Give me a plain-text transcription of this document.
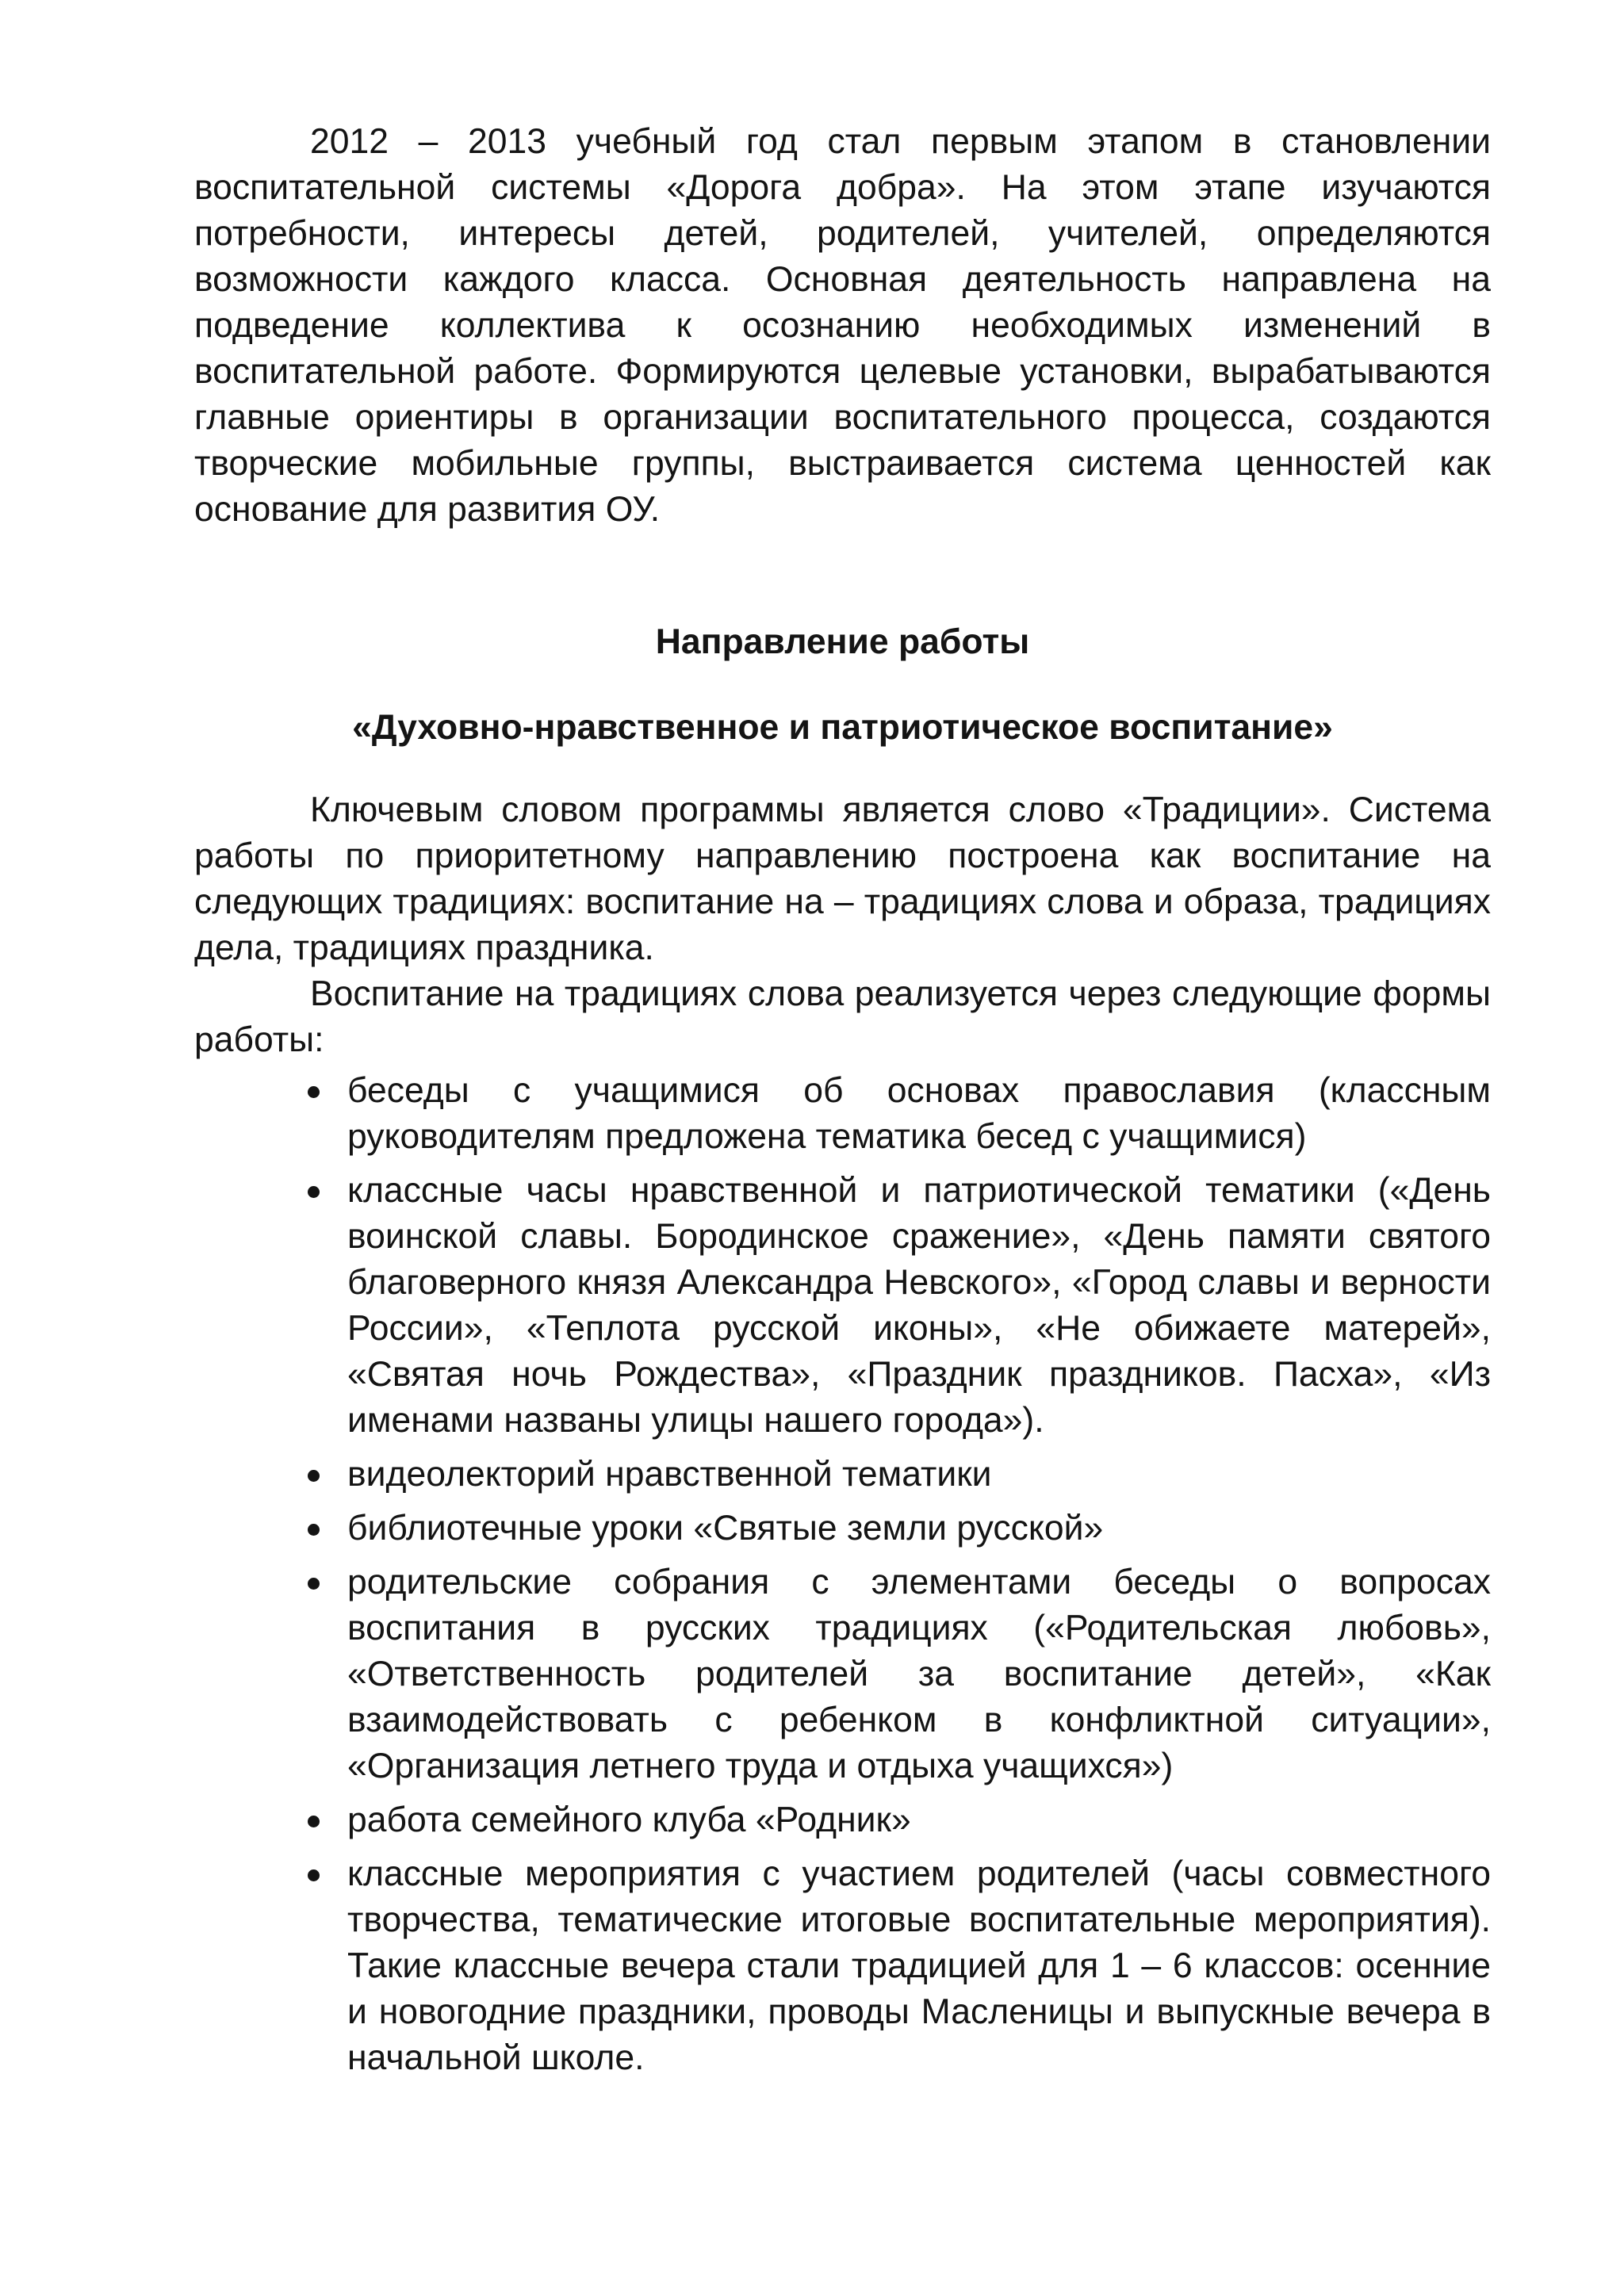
2012 – 2013 учебный год стал первым этапом в становлении воспитательной системы «Дорога добра». На этом этапе изучаются потребности, интересы детей, родителей, учителей, определяются возможности каждого класса. Основная деятельность направлена на подведение коллектива к осознанию необходимых изменений в воспитательной работе. Формируются целевые установки, вырабатываются главные ориентиры в организации воспитательного процесса, создаются творческие мобильные группы, выстраивается система ценностей как основание для развития ОУ.

Направление работы

«Духовно-нравственное и патриотическое воспитание»

Ключевым словом программы является слово «Традиции». Система работы по приоритетному направлению построена как воспитание на следующих традициях: воспитание на – традициях слова и образа, традициях дела, традициях праздника.

Воспитание на традициях слова реализуется через следующие формы работы:

беседы с учащимися об основах православия (классным руководителям предложена тематика бесед с учащимися)
классные часы нравственной и патриотической тематики («День воинской славы. Бородинское сражение», «День памяти святого благоверного князя Александра Невского», «Город славы и верности России», «Теплота русской иконы», «Не обижаете матерей», «Святая ночь Рождества», «Праздник праздников. Пасха», «Из именами названы улицы нашего города»).
видеолекторий нравственной тематики
библиотечные уроки «Святые земли русской»
родительские собрания с элементами беседы о вопросах воспитания в русских традициях («Родительская любовь», «Ответственность родителей за воспитание детей», «Как взаимодействовать с ребенком в конфликтной ситуации», «Организация летнего труда и отдыха учащихся»)
работа семейного клуба «Родник»
классные мероприятия с участием родителей (часы совместного творчества, тематические итоговые воспитательные мероприятия). Такие классные вечера стали традицией для 1 – 6 классов: осенние и новогодние праздники, проводы Масленицы и выпускные вечера в начальной школе.
